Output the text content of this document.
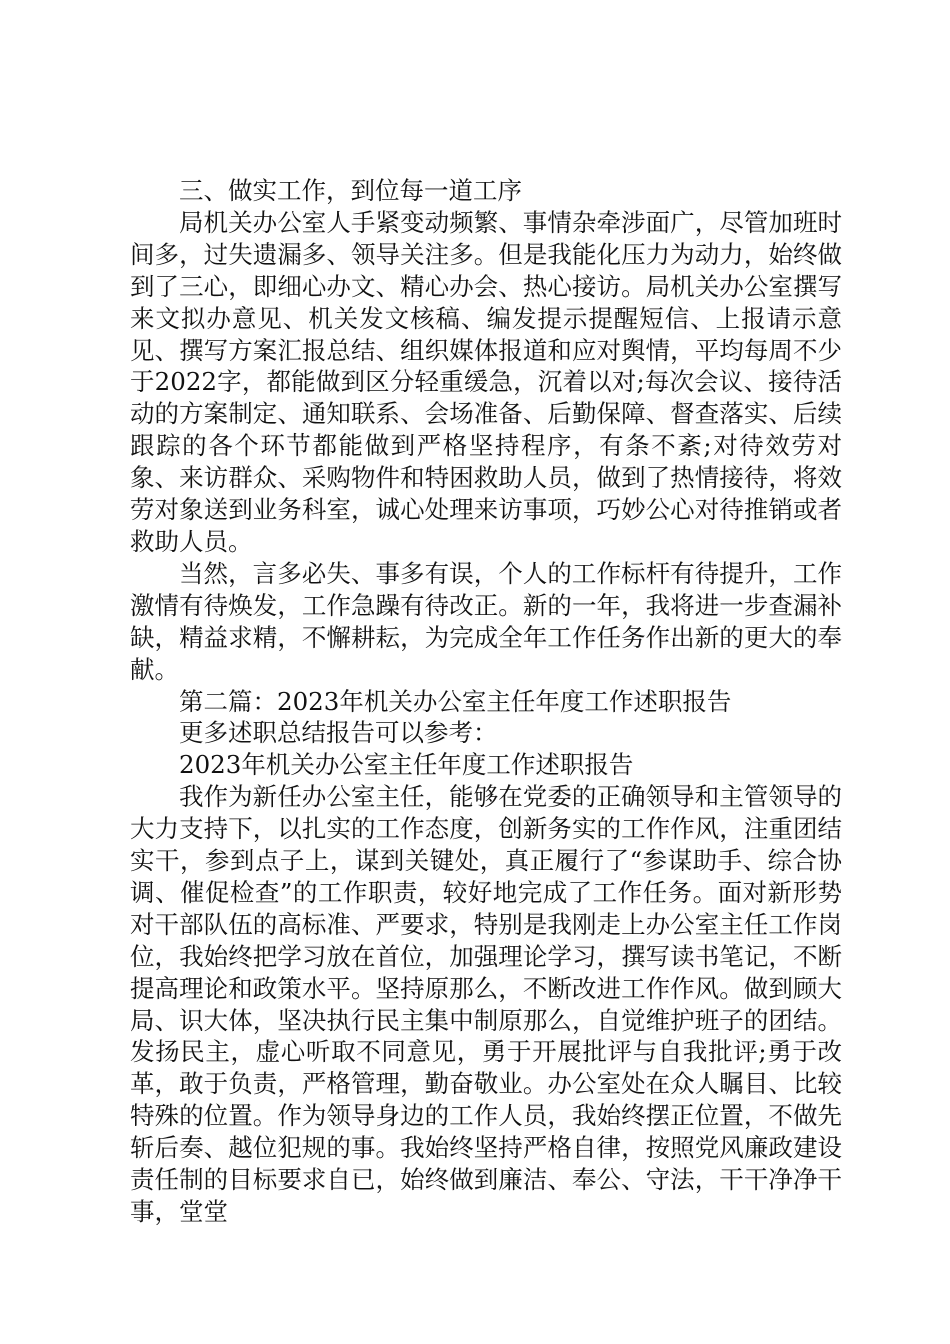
三、做实工作，到位每一道工序

局机关办公室人手紧变动频繁、事情杂牵涉面广，尽管加班时间多，过失遗漏多、领导关注多。但是我能化压力为动力，始终做到了三心，即细心办文、精心办会、热心接访。局机关办公室撰写来文拟办意见、机关发文核稿、编发提示提醒短信、上报请示意见、撰写方案汇报总结、组织媒体报道和应对舆情，平均每周不少于2022字，都能做到区分轻重缓急，沉着以对;每次会议、接待活动的方案制定、通知联系、会场准备、后勤保障、督查落实、后续跟踪的各个环节都能做到严格坚持程序，有条不紊;对待效劳对象、来访群众、采购物件和特困救助人员，做到了热情接待，将效劳对象送到业务科室，诚心处理来访事项，巧妙公心对待推销或者救助人员。

当然，言多必失、事多有误，个人的工作标杆有待提升，工作激情有待焕发，工作急躁有待改正。新的一年，我将进一步查漏补缺，精益求精，不懈耕耘，为完成全年工作任务作出新的更大的奉献。

第二篇：2023年机关办公室主任年度工作述职报告

更多述职总结报告可以参考：

2023年机关办公室主任年度工作述职报告

我作为新任办公室主任，能够在党委的正确领导和主管领导的大力支持下，以扎实的工作态度，创新务实的工作作风，注重团结实干，参到点子上，谋到关键处，真正履行了“参谋助手、综合协调、催促检查”的工作职责，较好地完成了工作任务。面对新形势对干部队伍的高标准、严要求，特别是我刚走上办公室主任工作岗位，我始终把学习放在首位，加强理论学习，撰写读书笔记，不断提高理论和政策水平。坚持原那么，不断改进工作作风。做到顾大局、识大体，坚决执行民主集中制原那么，自觉维护班子的团结。发扬民主，虚心听取不同意见，勇于开展批评与自我批评;勇于改革，敢于负责，严格管理，勤奋敬业。办公室处在众人瞩目、比较特殊的位置。作为领导身边的工作人员，我始终摆正位置，不做先斩后奏、越位犯规的事。我始终坚持严格自律，按照党风廉政建设责任制的目标要求自已，始终做到廉洁、奉公、守法，干干净净干事，堂堂
